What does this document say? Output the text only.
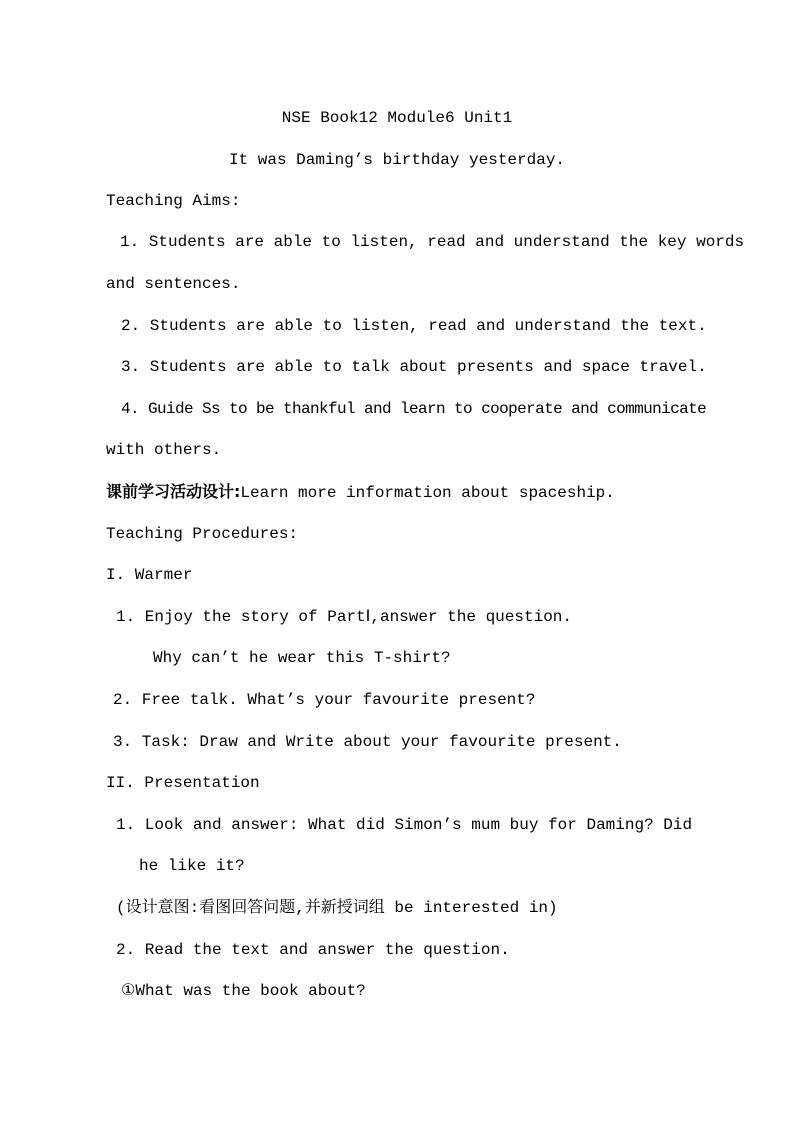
NSE Book12 Module6 Unit1
It was Daming’s birthday yesterday.
Teaching Aims:
1. Students are able to listen, read and understand the key words
and sentences.
2. Students are able to listen, read and understand the text.
3. Students are able to talk about presents and space travel.
4. Guide Ss to be thankful and learn to cooperate and communicate
with others.
课前学习活动设计:Learn more information about spaceship.
Teaching Procedures:
I. Warmer
1. Enjoy the story of PartⅠ,answer the question.
Why can’t he wear this T-shirt?
2. Free talk. What’s your favourite present?
3. Task: Draw and Write about your favourite present.
II. Presentation
1. Look and answer: What did Simon’s mum buy for Daming? Did
he like it?
(设计意图:看图回答问题,并新授词组 be interested in)
2. Read the text and answer the question.
①What was the book about?
